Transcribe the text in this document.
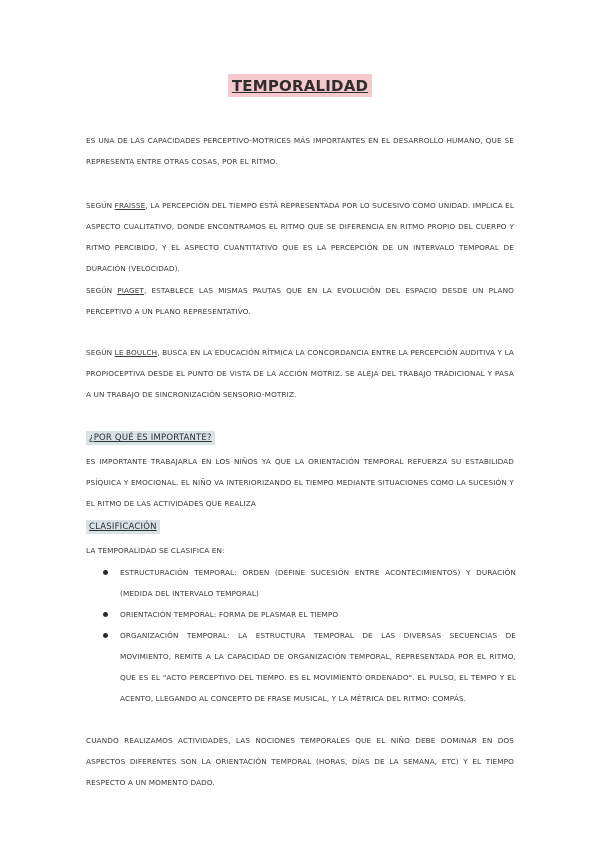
TEMPORALIDAD
ES UNA DE LAS CAPACIDADES PERCEPTIVO-MOTRICES MÁS IMPORTANTES EN EL DESARROLLO HUMANO, QUE SE REPRESENTA ENTRE OTRAS COSAS, POR EL RITMO.
SEGÚN FRAISSE, LA PERCEPCIÓN DEL TIEMPO ESTÁ REPRESENTADA POR LO SUCESIVO COMO UNIDAD. IMPLICA EL ASPECTO CUALITATIVO, DONDE ENCONTRAMOS EL RITMO QUE SE DIFERENCIA EN RITMO PROPIO DEL CUERPO Y RITMO PERCIBIDO, Y EL ASPECTO CUANTITATIVO QUE ES LA PERCEPCIÓN DE UN INTERVALO TEMPORAL DE DURACIÓN (VELOCIDAD).
SEGÚN PIAGET, ESTABLECE LAS MISMAS PAUTAS QUE EN LA EVOLUCIÓN DEL ESPACIO DESDE UN PLANO PERCEPTIVO A UN PLANO REPRESENTATIVO.
SEGÚN LE BOULCH, BUSCA EN LA EDUCACIÓN RÍTMICA LA CONCORDANCIA ENTRE LA PERCEPCIÓN AUDITIVA Y LA PROPIOCEPTIVA DESDE EL PUNTO DE VISTA DE LA ACCIÓN MOTRIZ. SE ALEJA DEL TRABAJO TRADICIONAL Y PASA A UN TRABAJO DE SINCRONIZACIÓN SENSORIO-MOTRIZ.
¿POR QUÉ ES IMPORTANTE?
ES IMPORTANTE TRABAJARLA EN LOS NIÑOS YA QUE LA ORIENTACIÓN TEMPORAL REFUERZA SU ESTABILIDAD PSÍQUICA Y EMOCIONAL. EL NIÑO VA INTERIORIZANDO EL TIEMPO MEDIANTE SITUACIONES COMO LA SUCESIÓN Y EL RITMO DE LAS ACTIVIDADES QUE REALIZA
CLASIFICACIÓN
LA TEMPORALIDAD SE CLASIFICA EN:
ESTRUCTURACIÓN TEMPORAL: ORDEN (DEFINE SUCESIÓN ENTRE ACONTECIMIENTOS) Y DURACIÓN (MEDIDA DEL INTERVALO TEMPORAL)
ORIENTACIÓN TEMPORAL: FORMA DE PLASMAR EL TIEMPO
ORGANIZACIÓN TEMPORAL: LA ESTRUCTURA TEMPORAL DE LAS DIVERSAS SECUENCIAS DE MOVIMIENTO, REMITE A LA CAPACIDAD DE ORGANIZACIÓN TEMPORAL, REPRESENTADA POR EL RITMO, QUE ES EL "ACTO PERCEPTIVO DEL TIEMPO. ES EL MOVIMIENTO ORDENADO". EL PULSO, EL TEMPO Y EL ACENTO, LLEGANDO AL CONCEPTO DE FRASE MUSICAL, Y LA MÉTRICA DEL RITMO: COMPÁS.
CUANDO REALIZAMOS ACTIVIDADES, LAS NOCIONES TEMPORALES QUE EL NIÑO DEBE DOMINAR EN DOS ASPECTOS DIFERENTES SON LA ORIENTACIÓN TEMPORAL (HORAS, DÍAS DE LA SEMANA, ETC) Y EL TIEMPO RESPECTO A UN MOMENTO DADO.
